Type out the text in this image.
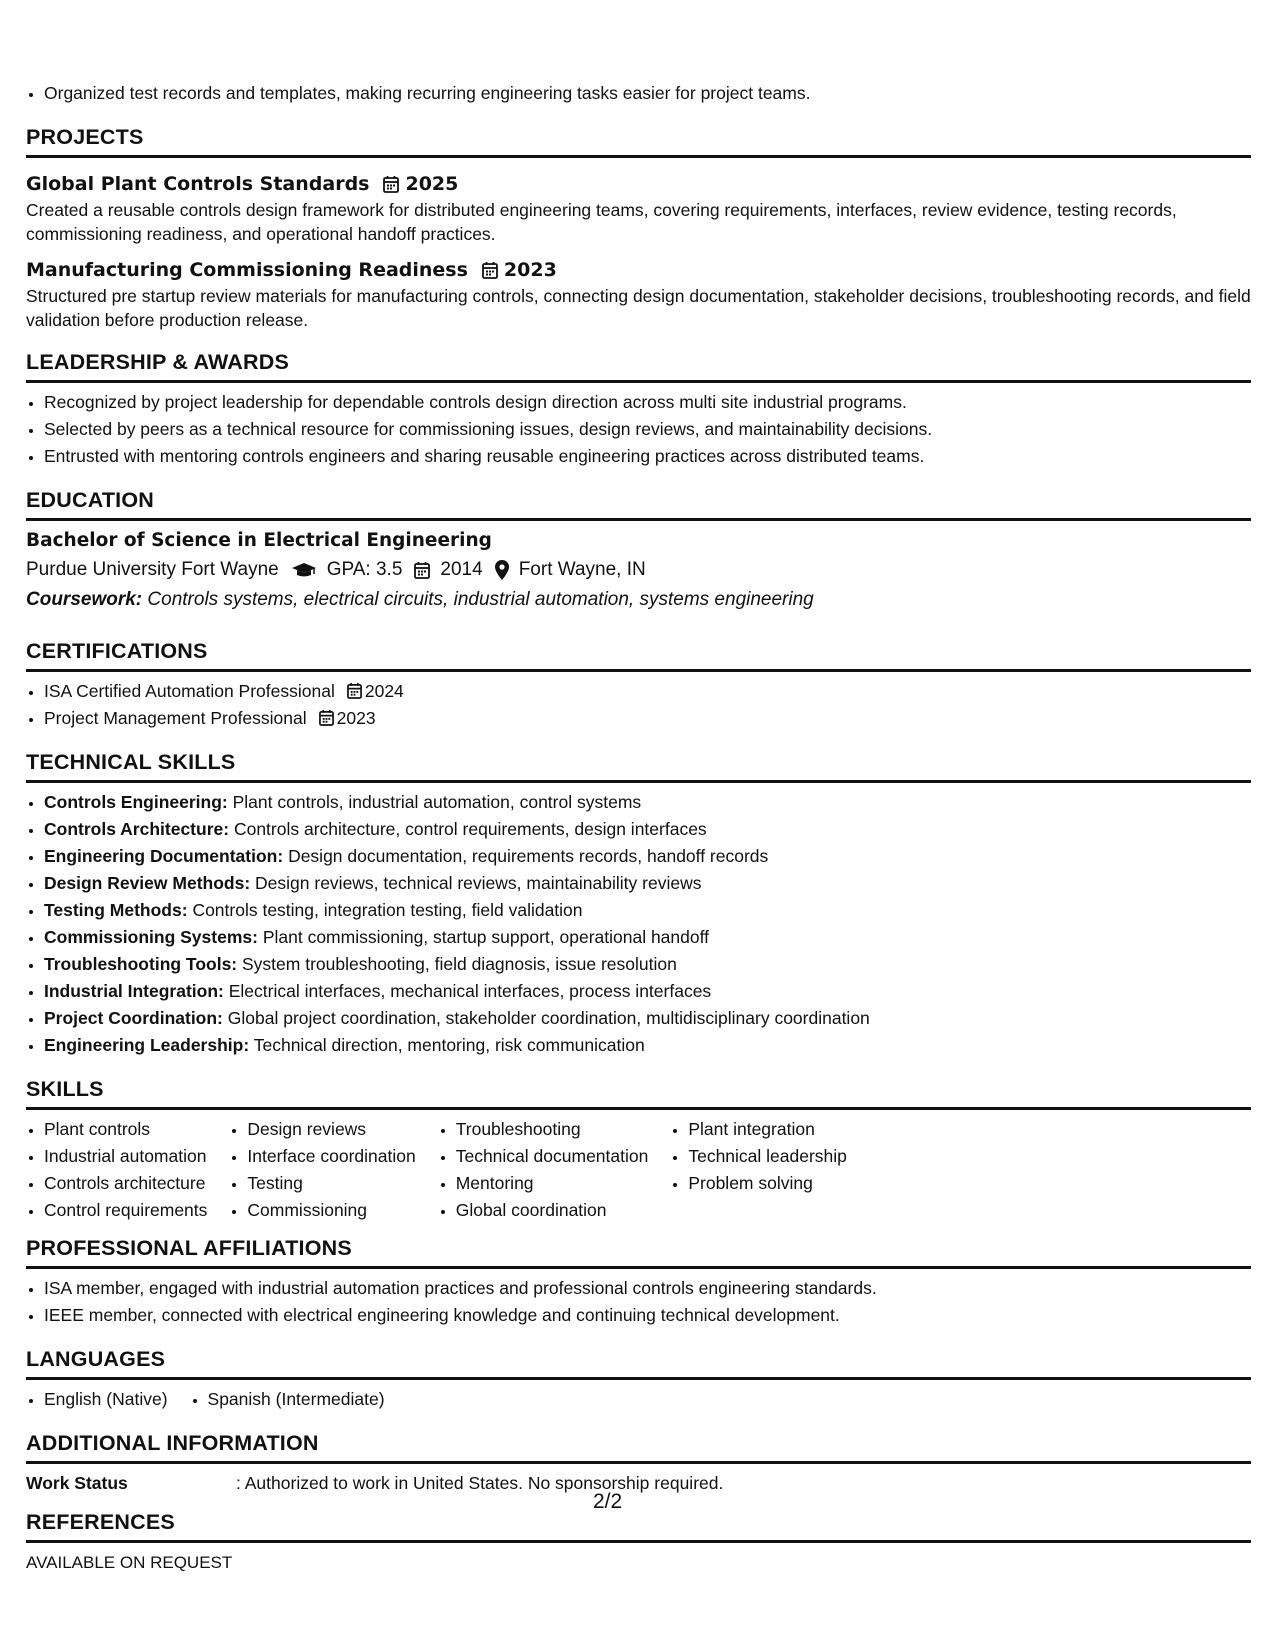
• Organized test records and templates, making recurring engineering tasks easier for project teams.
PROJECTS
Global Plant Controls Standards 2025
Created a reusable controls design framework for distributed engineering teams, covering requirements, interfaces, review evidence, testing records, commissioning readiness, and operational handoff practices.
Manufacturing Commissioning Readiness 2023
Structured pre startup review materials for manufacturing controls, connecting design documentation, stakeholder decisions, troubleshooting records, and field validation before production release.
LEADERSHIP & AWARDS
• Recognized by project leadership for dependable controls design direction across multi site industrial programs.
• Selected by peers as a technical resource for commissioning issues, design reviews, and maintainability decisions.
• Entrusted with mentoring controls engineers and sharing reusable engineering practices across distributed teams.
EDUCATION
Bachelor of Science in Electrical Engineering
Purdue University Fort Wayne	GPA: 3.5 2014 Fort Wayne, IN
Coursework: Controls systems, electrical circuits, industrial automation, systems engineering
CERTIFICATIONS
• ISA Certified Automation Professional 2024
• Project Management Professional 2023
TECHNICAL SKILLS
• Controls Engineering: Plant controls, industrial automation, control systems
• Controls Architecture: Controls architecture, control requirements, design interfaces
• Engineering Documentation: Design documentation, requirements records, handoff records
• Design Review Methods: Design reviews, technical reviews, maintainability reviews
• Testing Methods: Controls testing, integration testing, field validation
• Commissioning Systems: Plant commissioning, startup support, operational handoff
• Troubleshooting Tools: System troubleshooting, field diagnosis, issue resolution
• Industrial Integration: Electrical interfaces, mechanical interfaces, process interfaces
• Project Coordination: Global project coordination, stakeholder coordination, multidisciplinary coordination
• Engineering Leadership: Technical direction, mentoring, risk communication
SKILLS
• Plant controls
• Industrial automation
• Controls architecture
• Control requirements
• Design reviews
• Interface coordination
• Testing
• Commissioning
• Troubleshooting
• Technical documentation
• Mentoring
• Global coordination
• Plant integration
• Technical leadership
• Problem solving
PROFESSIONAL AFFILIATIONS
• ISA member, engaged with industrial automation practices and professional controls engineering standards.
• IEEE member, connected with electrical engineering knowledge and continuing technical development.
LANGUAGES
• English (Native)
• Spanish (Intermediate)
ADDITIONAL INFORMATION
Work Status	: Authorized to work in United States. No sponsorship required.
REFERENCES
AVAILABLE ON REQUEST
2/2
